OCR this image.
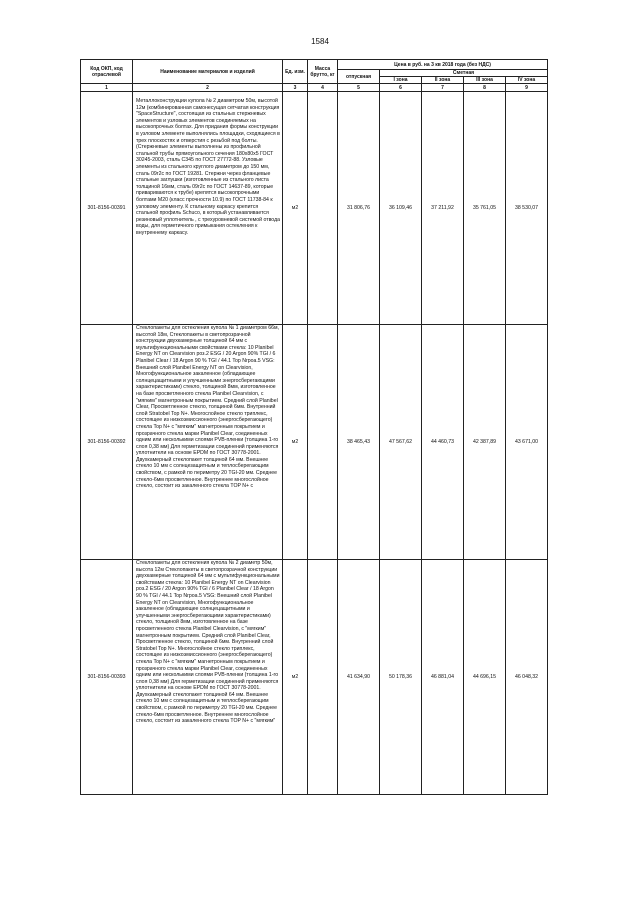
1584
Код ОКП, код отраслевой	Наименование материалов и изделий	Ед. изм.	Масса брутто, кг	Цена в руб. на 3 кв 2018 года (без НДС)				
				отпускная	Сметная			
					I зона	II зона	III зона	IV зона
1	2	3	4	5	6	7	8	9
301-8156-00391	Металлоконструкции купола № 2 диаметром 50м, высотой 12м (комбинированная самонесущая сетчатая конструкция "SpaceStructure", состоящая из стальных стержневых элементов и узловых элементов соединяемых на высокопрочных болтах. Для придания формы конструкции в узловом элементе выполнялись площадки, сходящиеся в трех плоскостях и отверстия с резьбой под болты. (Стержневые элементы выполнены из профильной стальной трубы прямоугольного сечения 180х80х5 ГОСТ 30245-2003, сталь С345 по ГОСТ 27772-88. Узловые элементы из стального круглого диаметром до 150 мм, сталь 09г2с по ГОСТ 19281. Стержни через фланцевые стальные заглушки (изготовленные из стального листа толщиной 16мм, сталь 09г2с по ГОСТ 14637-89, которые привариваются к трубе) крепятся высокопрочными болтами М20 (класс прочности 10.9) по ГОСТ 11738-84 к узловому элементу. К стальному каркасу крепится стальной профиль Schuco, в который устанавливается резиновый уплотнитель , с трехуровневой системой отвода воды, для герметичного примыкания остекления к внутреннему каркасу.	м2		31 806,76	36 109,46	37 211,92	35 761,05	38 530,07
301-8156-00392	Стеклопакеты для остекления купола № 1 диаметром 66м, высотой 18м, Стеклопакеты в светопрозрачной конструкции двухкамерные толщиной 64 мм с мультифункциональными свойствами стекла: 10 Planibel Energy NT on Clearvision роз.2 ESG / 20 Argon 90% TGI / 6 Planibel Clear / 18 Argon 90 % TGI / 44.1 Top Nrpoa.5 VSG: Внешний слой Planibel Energy NT on Clearvision, Многофункциональное закаленное (обладающее солнцецащитными и улучшенными энергосберегающими характеристиками) стекло, толщиной 8мм, изготовленное на базе просветленного стекла Planibel Clearvision, с "мягким" магнетронным покрытием. Средний слой Planibel Clear, Просветленное стекло, толщиной 6мм. Внутренний слой Stratobel Top N+. Многослойное стекло триплекс, состоящее из низкоэмиссионного (энергосберегающего) стекла Top N+ с "мягким" магнетронным покрытием и прозрачного стекла марки Planibel Clear, соединенных одним или несколькими слоями PVB-пленки (толщина 1-го слоя 0,38 мм) Для герметизации соединений применяются уплотнители на основе EPDM по ГОСТ 30778-2001. Двухкамерный стеклопакет толщиной 64 мм. Внешнее стекло 10 мм с солнцезащитным и теплосберегающим свойством, с рамкой по периметру 20 TGI-20 мм. Среднее стекло-6мм просветленное. Внутреннее многослойное стекло, состоит из закаленного стекла TOP N+ с	м2		38 465,43	47 567,62	44 460,73	42 387,89	43 671,00
301-8156-00393	Стеклопакеты для остекления купола № 2 диаметр 50м, высота 12м Стеклопакеты в светопрозрачной конструкции двухкамерные толщиной 64 мм с мультифункциональными свойствами стекла: 10 Planibel Energy NT on Clearvision роз.2 ESG / 20 Argon 90% TGI / 6 Planibel Clear / 18 Argon 90 % TGI / 44.1 Top Nrpoa.5 VSG: Внешний слой Planibel Energy NT on Clearvision, Многофункциональное закаленное (обладающее солнцецащитными и улучшенными энергосберегающими характеристиками) стекло, толщиной 8мм, изготовленное на базе просветленного стекла Planibel Clearvision, с "мягким" магнетронным покрытием. Средний слой Planibel Clear, Просветленное стекло, толщиной 6мм. Внутренний слой Stratobel Top N+. Многослойное стекло триплекс, состоящее из низкоэмиссионного (энергосберегающего) стекла Top N+ с "мягким" магнетронным покрытием и прозрачного стекла марки Planibel Clear, соединенных одним или несколькими слоями PVB-пленки (толщина 1-го слоя 0,38 мм) Для герметизации соединений применяются уплотнители на основе EPDM по ГОСТ 30778-2001. Двухкамерный стеклопакет толщиной 64 мм. Внешнее стекло 10 мм с солнцезащитным и теплосберегающим свойством, с рамкой по периметру 20 TGI-20 мм. Среднее стекло-6мм просветленное. Внутреннее многослойное стекло, состоит из закаленного стекла TOP N+ с "мягким"	м2		41 634,90	50 178,36	46 881,04	44 696,15	46 048,32
